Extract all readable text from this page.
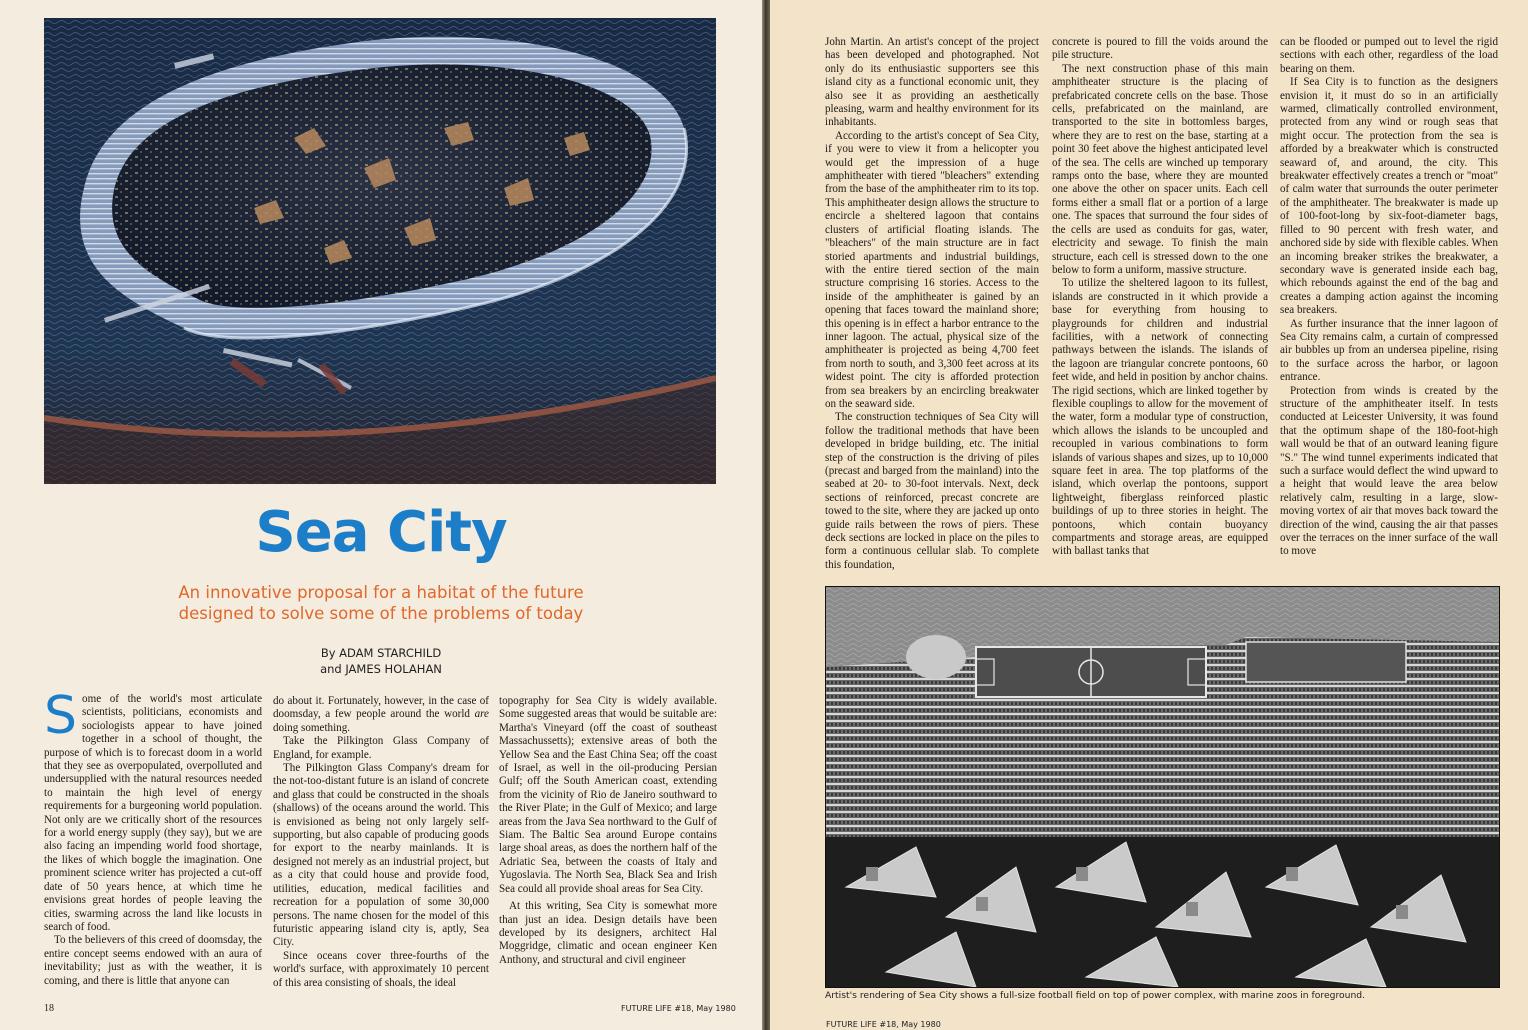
Sea City
An innovative proposal for a habitat of the future
designed to solve some of the problems of today
By ADAM STARCHILD
and JAMES HOLAHAN

Some of the world's most articulate scientists, politicians, economists and sociologists appear to have joined together in a school of thought, the purpose of which is to forecast doom in a world that they see as overpopulated, overpolluted and undersupplied with the natural resources needed to maintain the high level of energy requirements for a burgeoning world population. Not only are we critically short of the resources for a world energy supply (they say), but we are also facing an impending world food shortage, the likes of which boggle the imagination. One prominent science writer has projected a cut-off date of 50 years hence, at which time he envisions great hordes of people leaving the cities, swarming across the land like locusts in search of food.

To the believers of this creed of doomsday, the entire concept seems endowed with an aura of inevitability; just as with the weather, it is coming, and there is little that anyone can

do about it. Fortunately, however, in the case of doomsday, a few people around the world are doing something.

Take the Pilkington Glass Company of England, for example.

The Pilkington Glass Company's dream for the not-too-distant future is an island of concrete and glass that could be constructed in the shoals (shallows) of the oceans around the world. This is envisioned as being not only largely self-supporting, but also capable of producing goods for export to the nearby mainlands. It is designed not merely as an industrial project, but as a city that could house and provide food, utilities, education, medical facilities and recreation for a population of some 30,000 persons. The name chosen for the model of this futuristic appearing island city is, aptly, Sea City.

Since oceans cover three-fourths of the world's surface, with approximately 10 percent of this area consisting of shoals, the ideal

topography for Sea City is widely available. Some suggested areas that would be suitable are: Martha's Vineyard (off the coast of southeast Massachussetts); extensive areas of both the Yellow Sea and the East China Sea; off the coast of Israel, as well in the oil-producing Persian Gulf; off the South American coast, extending from the vicinity of Rio de Janeiro southward to the River Plate; in the Gulf of Mexico; and large areas from the Java Sea northward to the Gulf of Siam. The Baltic Sea around Europe contains large shoal areas, as does the northern half of the Adriatic Sea, between the coasts of Italy and Yugoslavia. The North Sea, Black Sea and Irish Sea could all provide shoal areas for Sea City.

At this writing, Sea City is somewhat more than just an idea. Design details have been developed by its designers, architect Hal Moggridge, climatic and ocean engineer Ken Anthony, and structural and civil engineer

18	FUTURE LIFE #18, May 1980

John Martin. An artist's concept of the project has been developed and photographed. Not only do its enthusiastic supporters see this island city as a functional economic unit, they also see it as providing an aesthetically pleasing, warm and healthy environment for its inhabitants.

According to the artist's concept of Sea City, if you were to view it from a helicopter you would get the impression of a huge amphitheater with tiered "bleachers" extending from the base of the amphitheater rim to its top. This amphitheater design allows the structure to encircle a sheltered lagoon that contains clusters of artificial floating islands. The "bleachers" of the main structure are in fact storied apartments and industrial buildings, with the entire tiered section of the main structure comprising 16 stories. Access to the inside of the amphitheater is gained by an opening that faces toward the mainland shore; this opening is in effect a harbor entrance to the inner lagoon. The actual, physical size of the amphitheater is projected as being 4,700 feet from north to south, and 3,300 feet across at its widest point. The city is afforded protection from sea breakers by an encircling breakwater on the seaward side.

The construction techniques of Sea City will follow the traditional methods that have been developed in bridge building, etc. The initial step of the construction is the driving of piles (precast and barged from the mainland) into the seabed at 20- to 30-foot intervals. Next, deck sections of reinforced, precast concrete are towed to the site, where they are jacked up onto guide rails between the rows of piers. These deck sections are locked in place on the piles to form a continuous cellular slab. To complete this foundation,

concrete is poured to fill the voids around the pile structure.

The next construction phase of this main amphitheater structure is the placing of prefabricated concrete cells on the base. Those cells, prefabricated on the mainland, are transported to the site in bottomless barges, where they are to rest on the base, starting at a point 30 feet above the highest anticipated level of the sea. The cells are winched up temporary ramps onto the base, where they are mounted one above the other on spacer units. Each cell forms either a small flat or a portion of a large one. The spaces that surround the four sides of the cells are used as conduits for gas, water, electricity and sewage. To finish the main structure, each cell is stressed down to the one below to form a uniform, massive structure.

To utilize the sheltered lagoon to its fullest, islands are constructed in it which provide a base for everything from housing to playgrounds for children and industrial facilities, with a network of connecting pathways between the islands. The islands of the lagoon are triangular concrete pontoons, 60 feet wide, and held in position by anchor chains. The rigid sections, which are linked together by flexible couplings to allow for the movement of the water, form a modular type of construction, which allows the islands to be uncoupled and recoupled in various combinations to form islands of various shapes and sizes, up to 10,000 square feet in area. The top platforms of the island, which overlap the pontoons, support lightweight, fiberglass reinforced plastic buildings of up to three stories in height. The pontoons, which contain buoyancy compartments and storage areas, are equipped with ballast tanks that

can be flooded or pumped out to level the rigid sections with each other, regardless of the load bearing on them.

If Sea City is to function as the designers envision it, it must do so in an artificially warmed, climatically controlled environment, protected from any wind or rough seas that might occur. The protection from the sea is afforded by a breakwater which is constructed seaward of, and around, the city. This breakwater effectively creates a trench or "moat" of calm water that surrounds the outer perimeter of the amphitheater. The breakwater is made up of 100-foot-long by six-foot-diameter bags, filled to 90 percent with fresh water, and anchored side by side with flexible cables. When an incoming breaker strikes the breakwater, a secondary wave is generated inside each bag, which rebounds against the end of the bag and creates a damping action against the incoming sea breakers.

As further insurance that the inner lagoon of Sea City remains calm, a curtain of compressed air bubbles up from an undersea pipeline, rising to the surface across the harbor, or lagoon entrance.

Protection from winds is created by the structure of the amphitheater itself. In tests conducted at Leicester University, it was found that the optimum shape of the 180-foot-high wall would be that of an outward leaning figure "S." The wind tunnel experiments indicated that such a surface would deflect the wind upward to a height that would leave the area below relatively calm, resulting in a large, slow-moving vortex of air that moves back toward the direction of the wind, causing the air that passes over the terraces on the inner surface of the wall to move

Artist's rendering of Sea City shows a full-size football field on top of power complex, with marine zoos in foreground.
FUTURE LIFE #18, May 1980
